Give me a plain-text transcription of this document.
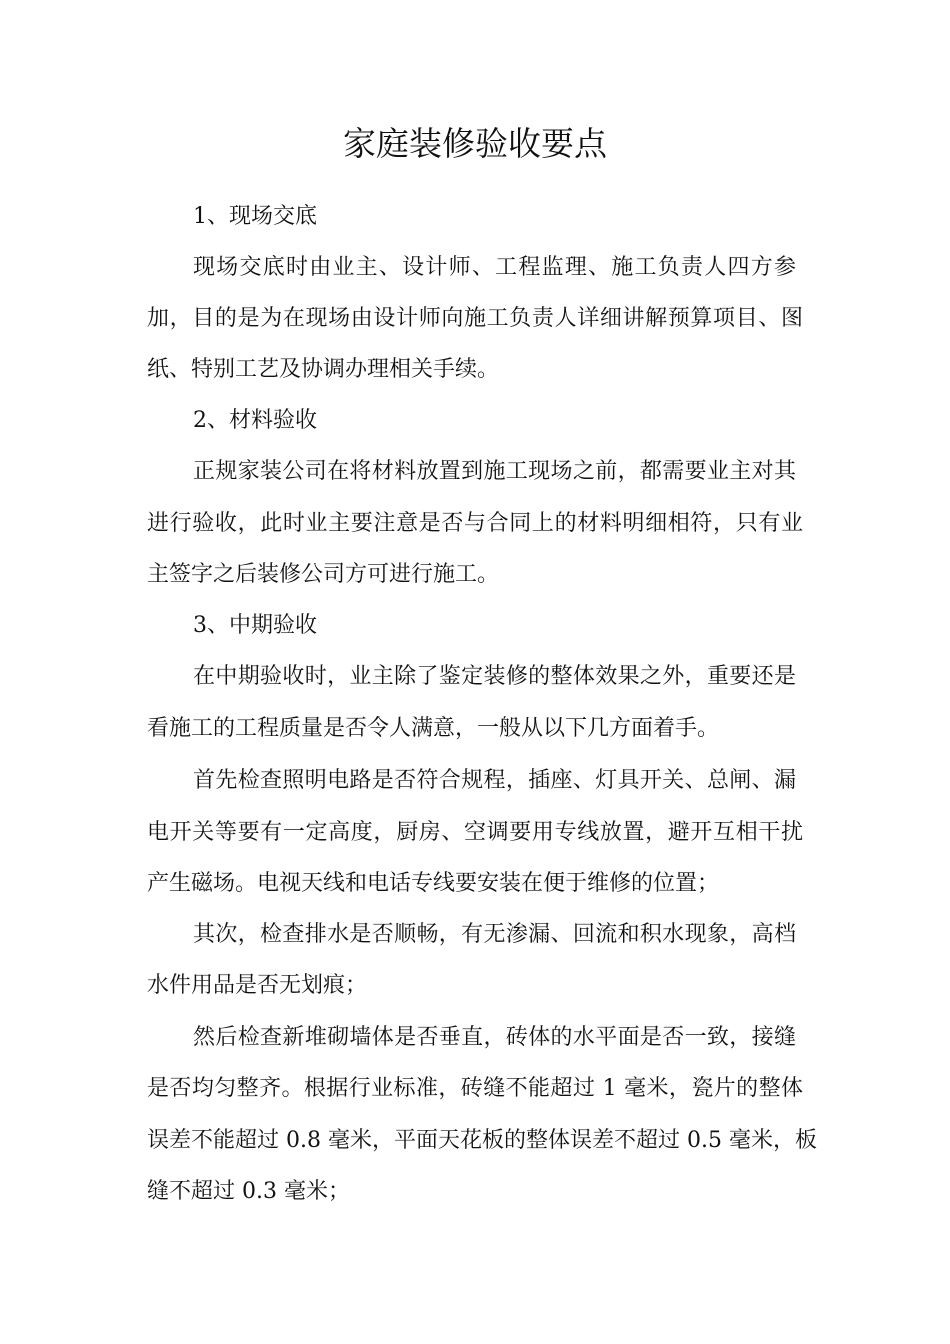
家庭装修验收要点

1、现场交底

现场交底时由业主、设计师、工程监理、施工负责人四方参

加，目的是为在现场由设计师向施工负责人详细讲解预算项目、图

纸、特别工艺及协调办理相关手续。

2、材料验收

正规家装公司在将材料放置到施工现场之前，都需要业主对其

进行验收，此时业主要注意是否与合同上的材料明细相符，只有业

主签字之后装修公司方可进行施工。

3、中期验收

在中期验收时，业主除了鉴定装修的整体效果之外，重要还是

看施工的工程质量是否令人满意，一般从以下几方面着手。

首先检查照明电路是否符合规程，插座、灯具开关、总闸、漏

电开关等要有一定高度，厨房、空调要用专线放置，避开互相干扰

产生磁场。电视天线和电话专线要安装在便于维修的位置；

其次，检查排水是否顺畅，有无渗漏、回流和积水现象，高档

水件用品是否无划痕；

然后检查新堆砌墙体是否垂直，砖体的水平面是否一致，接缝

是否均匀整齐。根据行业标准，砖缝不能超过 1 毫米，瓷片的整体

误差不能超过 0.8 毫米，平面天花板的整体误差不超过 0.5 毫米，板

缝不超过 0.3 毫米；
